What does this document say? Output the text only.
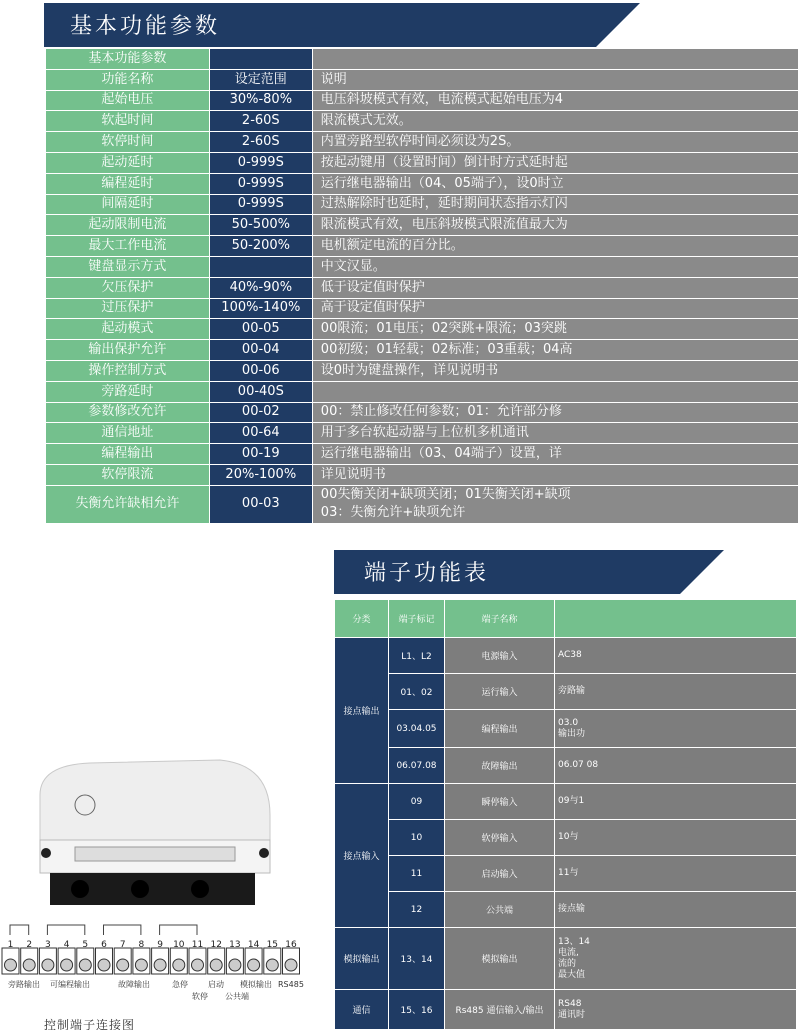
基本功能参数
基本功能参数		
功能名称	设定范围	说明
起始电压	30%-80%	电压斜坡模式有效，电流模式起始电压为4
软起时间	2-60S	限流模式无效。
软停时间	2-60S	内置旁路型软停时间必须设为2S。
起动延时	0-999S	按起动键用（设置时间）倒计时方式延时起
编程延时	0-999S	运行继电器输出（04、05端子），设0时立
间隔延时	0-999S	过热解除时也延时，延时期间状态指示灯闪
起动限制电流	50-500%	限流模式有效，电压斜坡模式限流值最大为
最大工作电流	50-200%	电机额定电流的百分比。
键盘显示方式		中文汉显。
欠压保护	40%-90%	低于设定值时保护
过压保护	100%-140%	高于设定值时保护
起动模式	00-05	00限流；01电压；02突跳+限流；03突跳
输出保护允许	00-04	00初级；01轻载；02标准；03重载；04高
操作控制方式	00-06	设0时为键盘操作，详见说明书
旁路延时	00-40S	
参数修改允许	00-02	00：禁止修改任何参数；01：允许部分修
通信地址	00-64	用于多台软起动器与上位机多机通讯
编程输出	00-19	运行继电器输出（03、04端子）设置，详
软停限流	20%-100%	详见说明书
失衡允许缺相允许	00-03	00失衡关闭+缺项关闭；01失衡关闭+缺项
03：失衡允许+缺项允许
端子功能表
分类	端子标记	端子名称	
接点输出	L1、L2	电源输入	AC38
	01、02	运行输入	旁路输
	03.04.05	编程输出	03.0
输出功
	06.07.08	故障输出	06.07 08
接点输入	09	瞬停输入	09与1
	10	软停输入	10与
	11	启动输入	11与
	12	公共端	接点输
模拟输出	13、14	模拟输出	13、14
电流,
流的
最大值
通信	15、16	Rs485 通信输入/输出	RS48
通讯时
1 2 3 4 5 6 7 8 9 10 11 12 13 14 15 16
旁路输出 可编程输出	故障输出	急停	启动 模拟输出 RS485
软停 公共端
控制端子连接图
